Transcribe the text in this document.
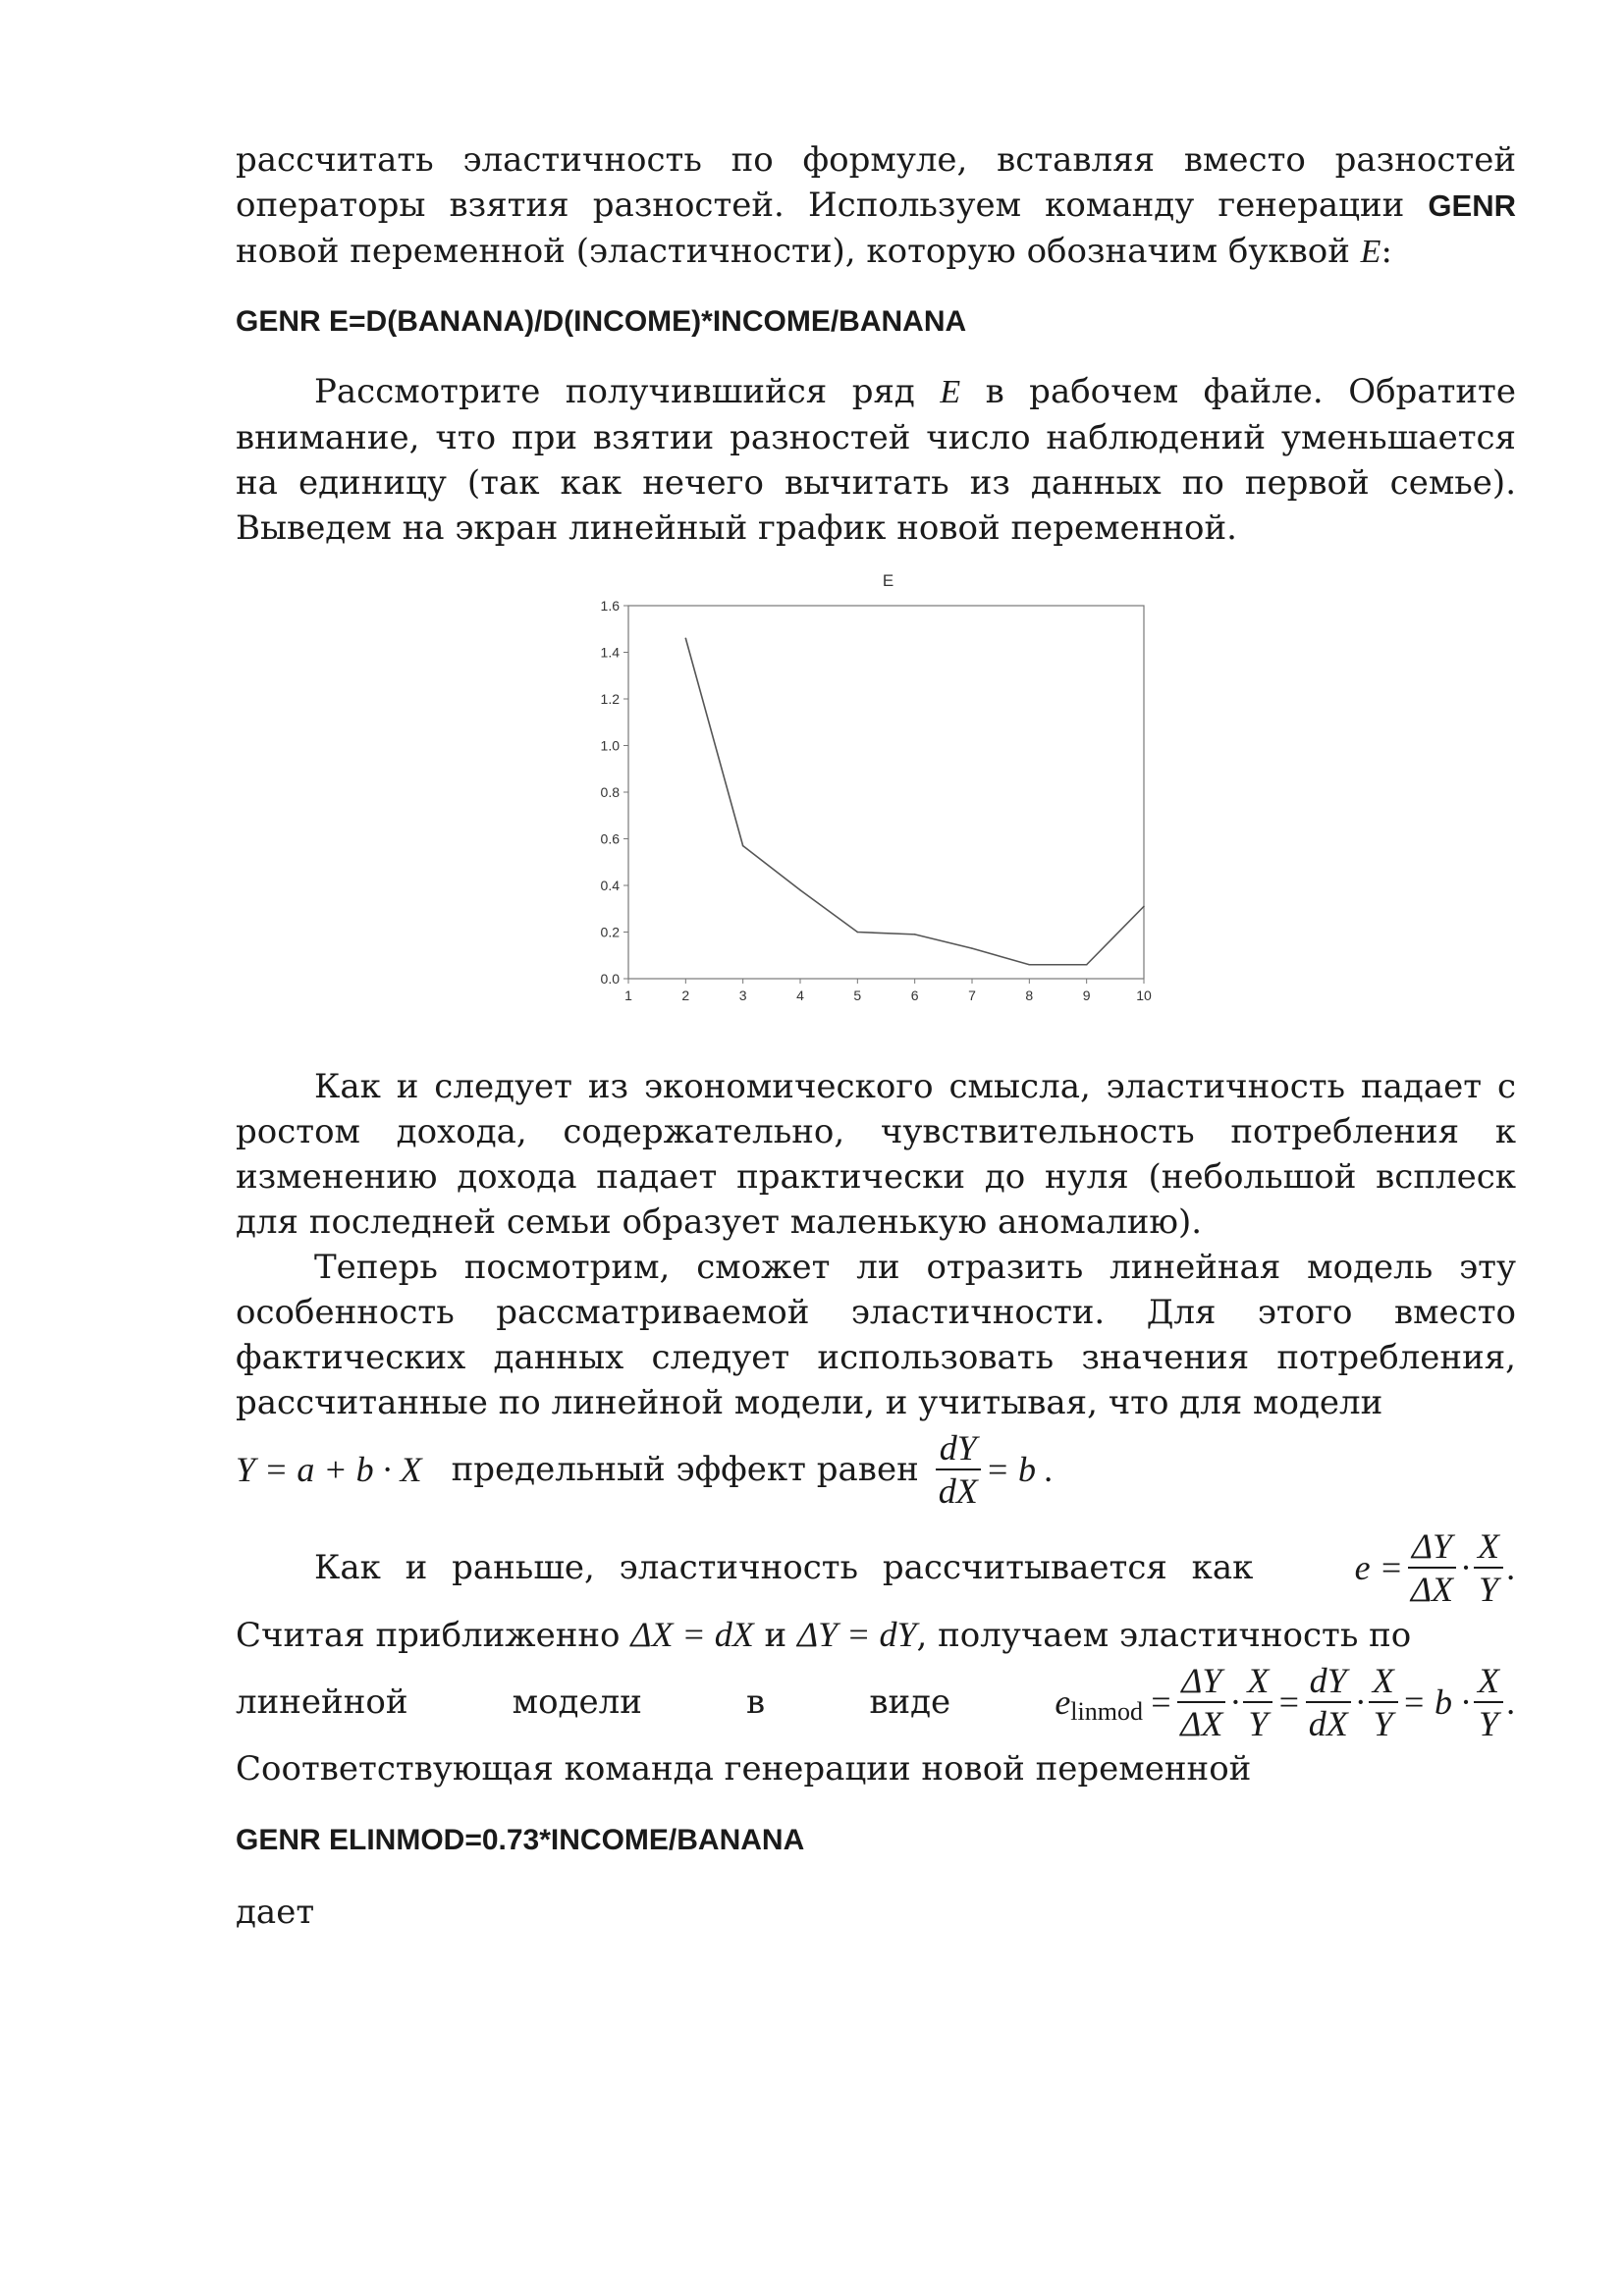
рассчитать эластичность по формуле, вставляя вместо разностей операторы взятия разностей. Используем команду генерации GENR новой переменной (эластичности), которую обозначим буквой E:

GENR E=D(BANANA)/D(INCOME)*INCOME/BANANA

Рассмотрите получившийся ряд E в рабочем файле. Обратите внимание, что при взятии разностей число наблюдений уменьшается на единицу (так как нечего вычитать из данных по первой семье). Выведем на экран линейный график новой переменной.

E
0.0
0.2
0.4
0.6
0.8
1.0
1.2
1.4
1.6
1	2	3	4	5	6	7	8	9	10

Как и следует из экономического смысла, эластичность падает с ростом дохода, содержательно, чувствительность потребления к изменению дохода падает практически до нуля (небольшой всплеск для последней семьи образует маленькую аномалию).

Теперь посмотрим, сможет ли отразить линейная модель эту особенность рассматриваемой эластичности. Для этого вместо фактических данных следует использовать значения потребления, рассчитанные по линейной модели, и учитывая, что для модели

Y = a + b · X предельный эффект равен $\frac{dY}{dX} = b$ .
Как и раньше, эластичность рассчитывается как	$e = \frac{\Delta Y}{\Delta X} \cdot \frac{X}{Y}$ .

Считая приближенно ΔX = dX и ΔY = dY, получаем эластичность по

линейной	модели	в	виде	e linmod = $\frac{\Delta Y}{\Delta X} \cdot \frac{X}{Y} = \frac{dY}{dX} \cdot \frac{X}{Y} = b \cdot \frac{X}{Y}$ .

Соответствующая команда генерации новой переменной

GENR ELINMOD=0.73*INCOME/BANANA

дает
